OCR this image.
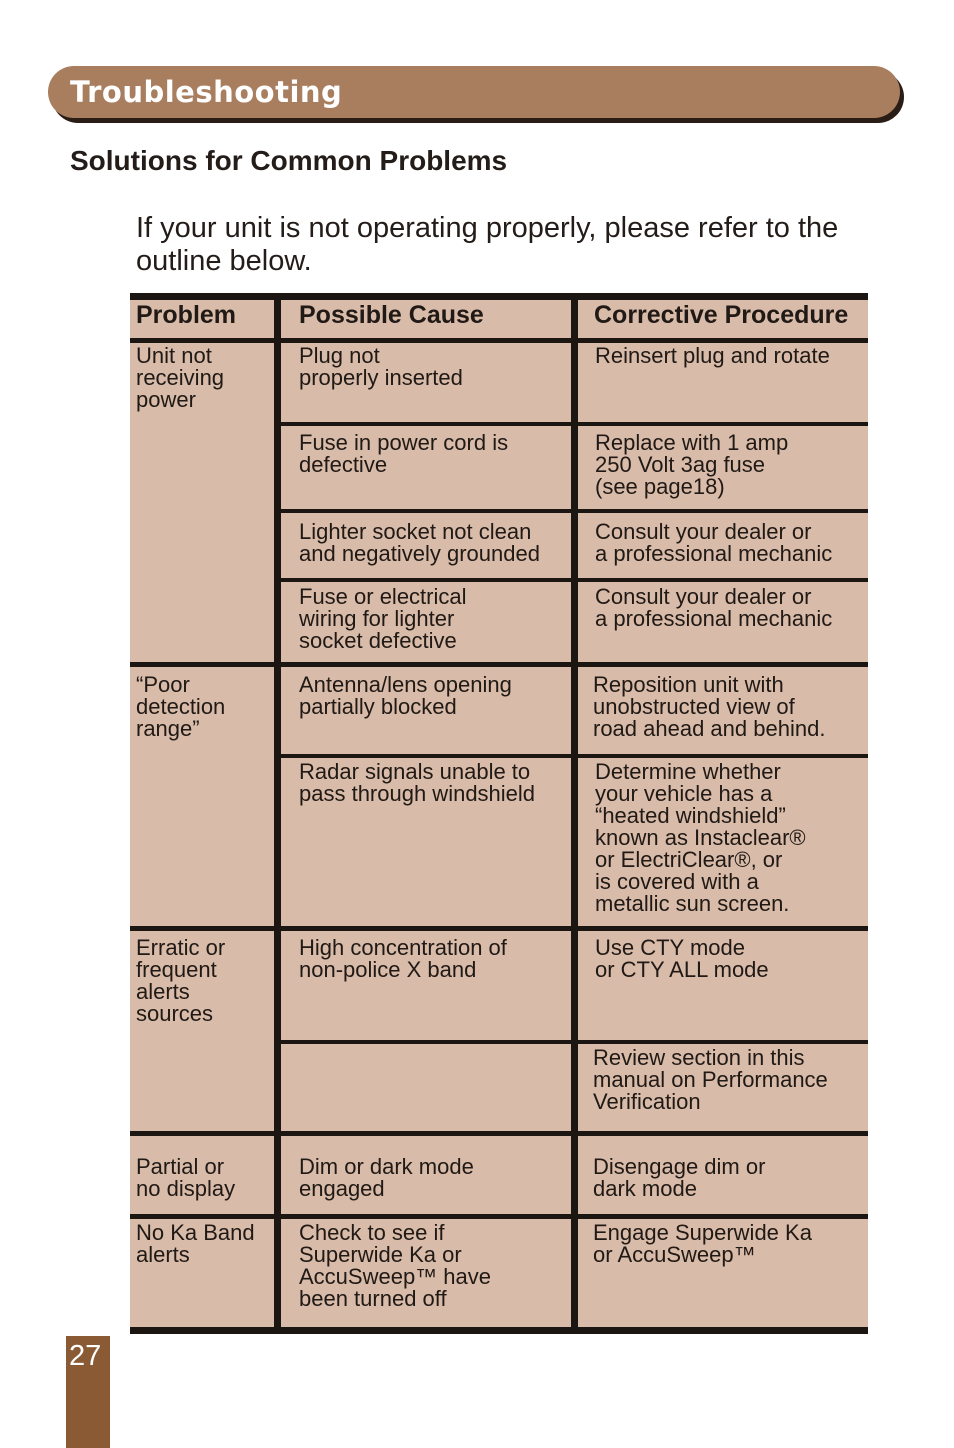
Troubleshooting
Solutions for Common Problems

If your unit is not operating properly, please refer to the outline below.

Problem	Possible Cause	Corrective Procedure
Unit not
receiving
power
“Poor
detection
range”
Erratic or
frequent
alerts
sources
Partial or
no display
No Ka Band
alerts
Plug not
properly inserted
Fuse in power cord is
defective
Lighter socket not clean
and negatively grounded
Fuse or electrical
wiring for lighter
socket defective
Antenna/lens opening
partially blocked
Radar signals unable to
pass through windshield
High concentration of
non-police X band
Dim or dark mode
engaged
Check to see if
Superwide Ka or
AccuSweep™ have
been turned off
Reinsert plug and rotate
Replace with 1 amp
250 Volt 3ag fuse
(see page18)
Consult your dealer or
a professional mechanic
Consult your dealer or
a professional mechanic
Reposition unit with
unobstructed view of
road ahead and behind.
Determine whether
your vehicle has a
“heated windshield”
known as Instaclear®
or ElectriClear®, or
is covered with a
metallic sun screen.
Use CTY mode
or CTY ALL mode
Review section in this
manual on Performance
Verification
Disengage dim or
dark mode
Engage Superwide Ka
or AccuSweep™
27
